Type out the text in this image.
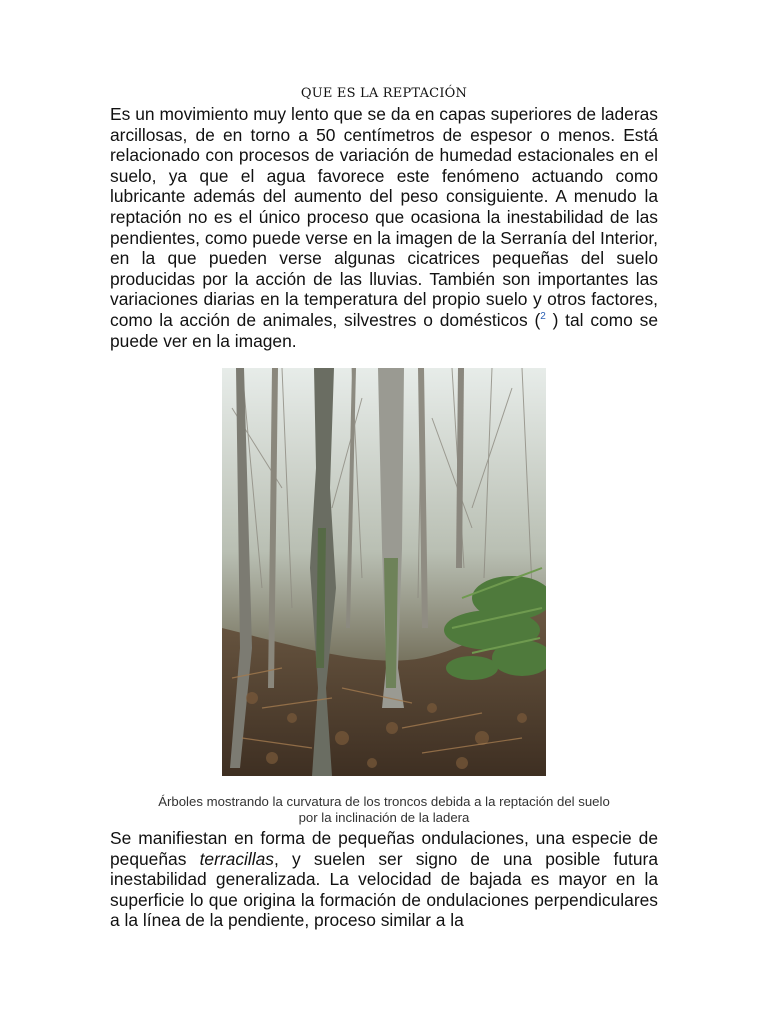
QUE ES LA REPTACIÓN

Es un movimiento muy lento que se da en capas superiores de laderas arcillosas, de en torno a 50 centímetros de espesor o menos. Está relacionado con procesos de variación de humedad estacionales en el suelo, ya que el agua favorece este fenómeno actuando como lubricante además del aumento del peso consiguiente. A menudo la reptación no es el único proceso que ocasiona la inestabilidad de las pendientes, como puede verse en la imagen de la Serranía del Interior, en la que pueden verse algunas cicatrices pequeñas del suelo producidas por la acción de las lluvias. También son importantes las variaciones diarias en la temperatura del propio suelo y otros factores, como la acción de animales, silvestres o domésticos ($^2$ ) tal como se puede ver en la imagen.

Árboles mostrando la curvatura de los troncos debida a la reptación del suelo
por la inclinación de la ladera

Se manifiestan en forma de pequeñas ondulaciones, una especie de pequeñas terracillas, y suelen ser signo de una posible futura inestabilidad generalizada. La velocidad de bajada es mayor en la superficie lo que origina la formación de ondulaciones perpendiculares a la línea de la pendiente, proceso similar a la
